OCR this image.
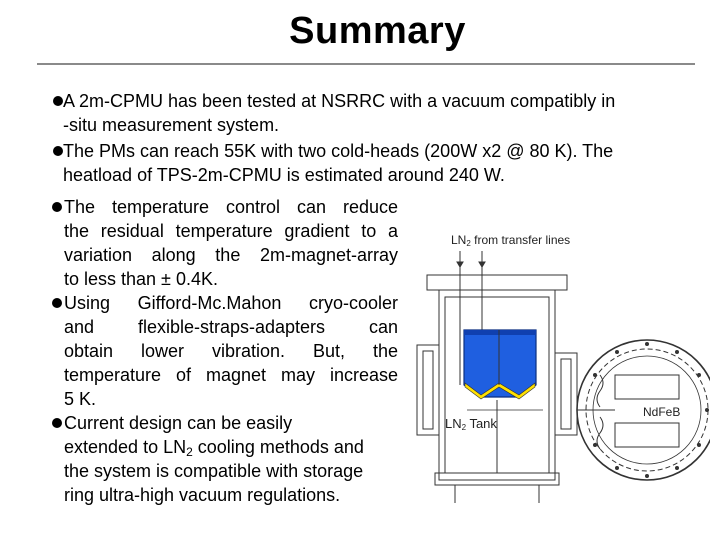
Summary
A 2m-CPMU has been tested at NSRRC with a vacuum compatibly in
-situ measurement system.
The PMs can reach 55K with two cold-heads (200W x2 @ 80 K). The
heatload of TPS-2m-CPMU is estimated around 240 W.
The temperature control can reduce
the residual temperature gradient to a
variation along the 2m-magnet-array
to less than ± 0.4K.
Using Gifford-Mc.Mahon cryo-cooler
and flexible-straps-adapters can
obtain lower vibration. But, the
temperature of magnet may increase
5 K.
Current design can be easily
extended to $LN_2$ cooling methods and
the system is compatible with storage
ring ultra-high vacuum regulations.
LN2 from transfer lines
LN2 Tank
NdFeB
